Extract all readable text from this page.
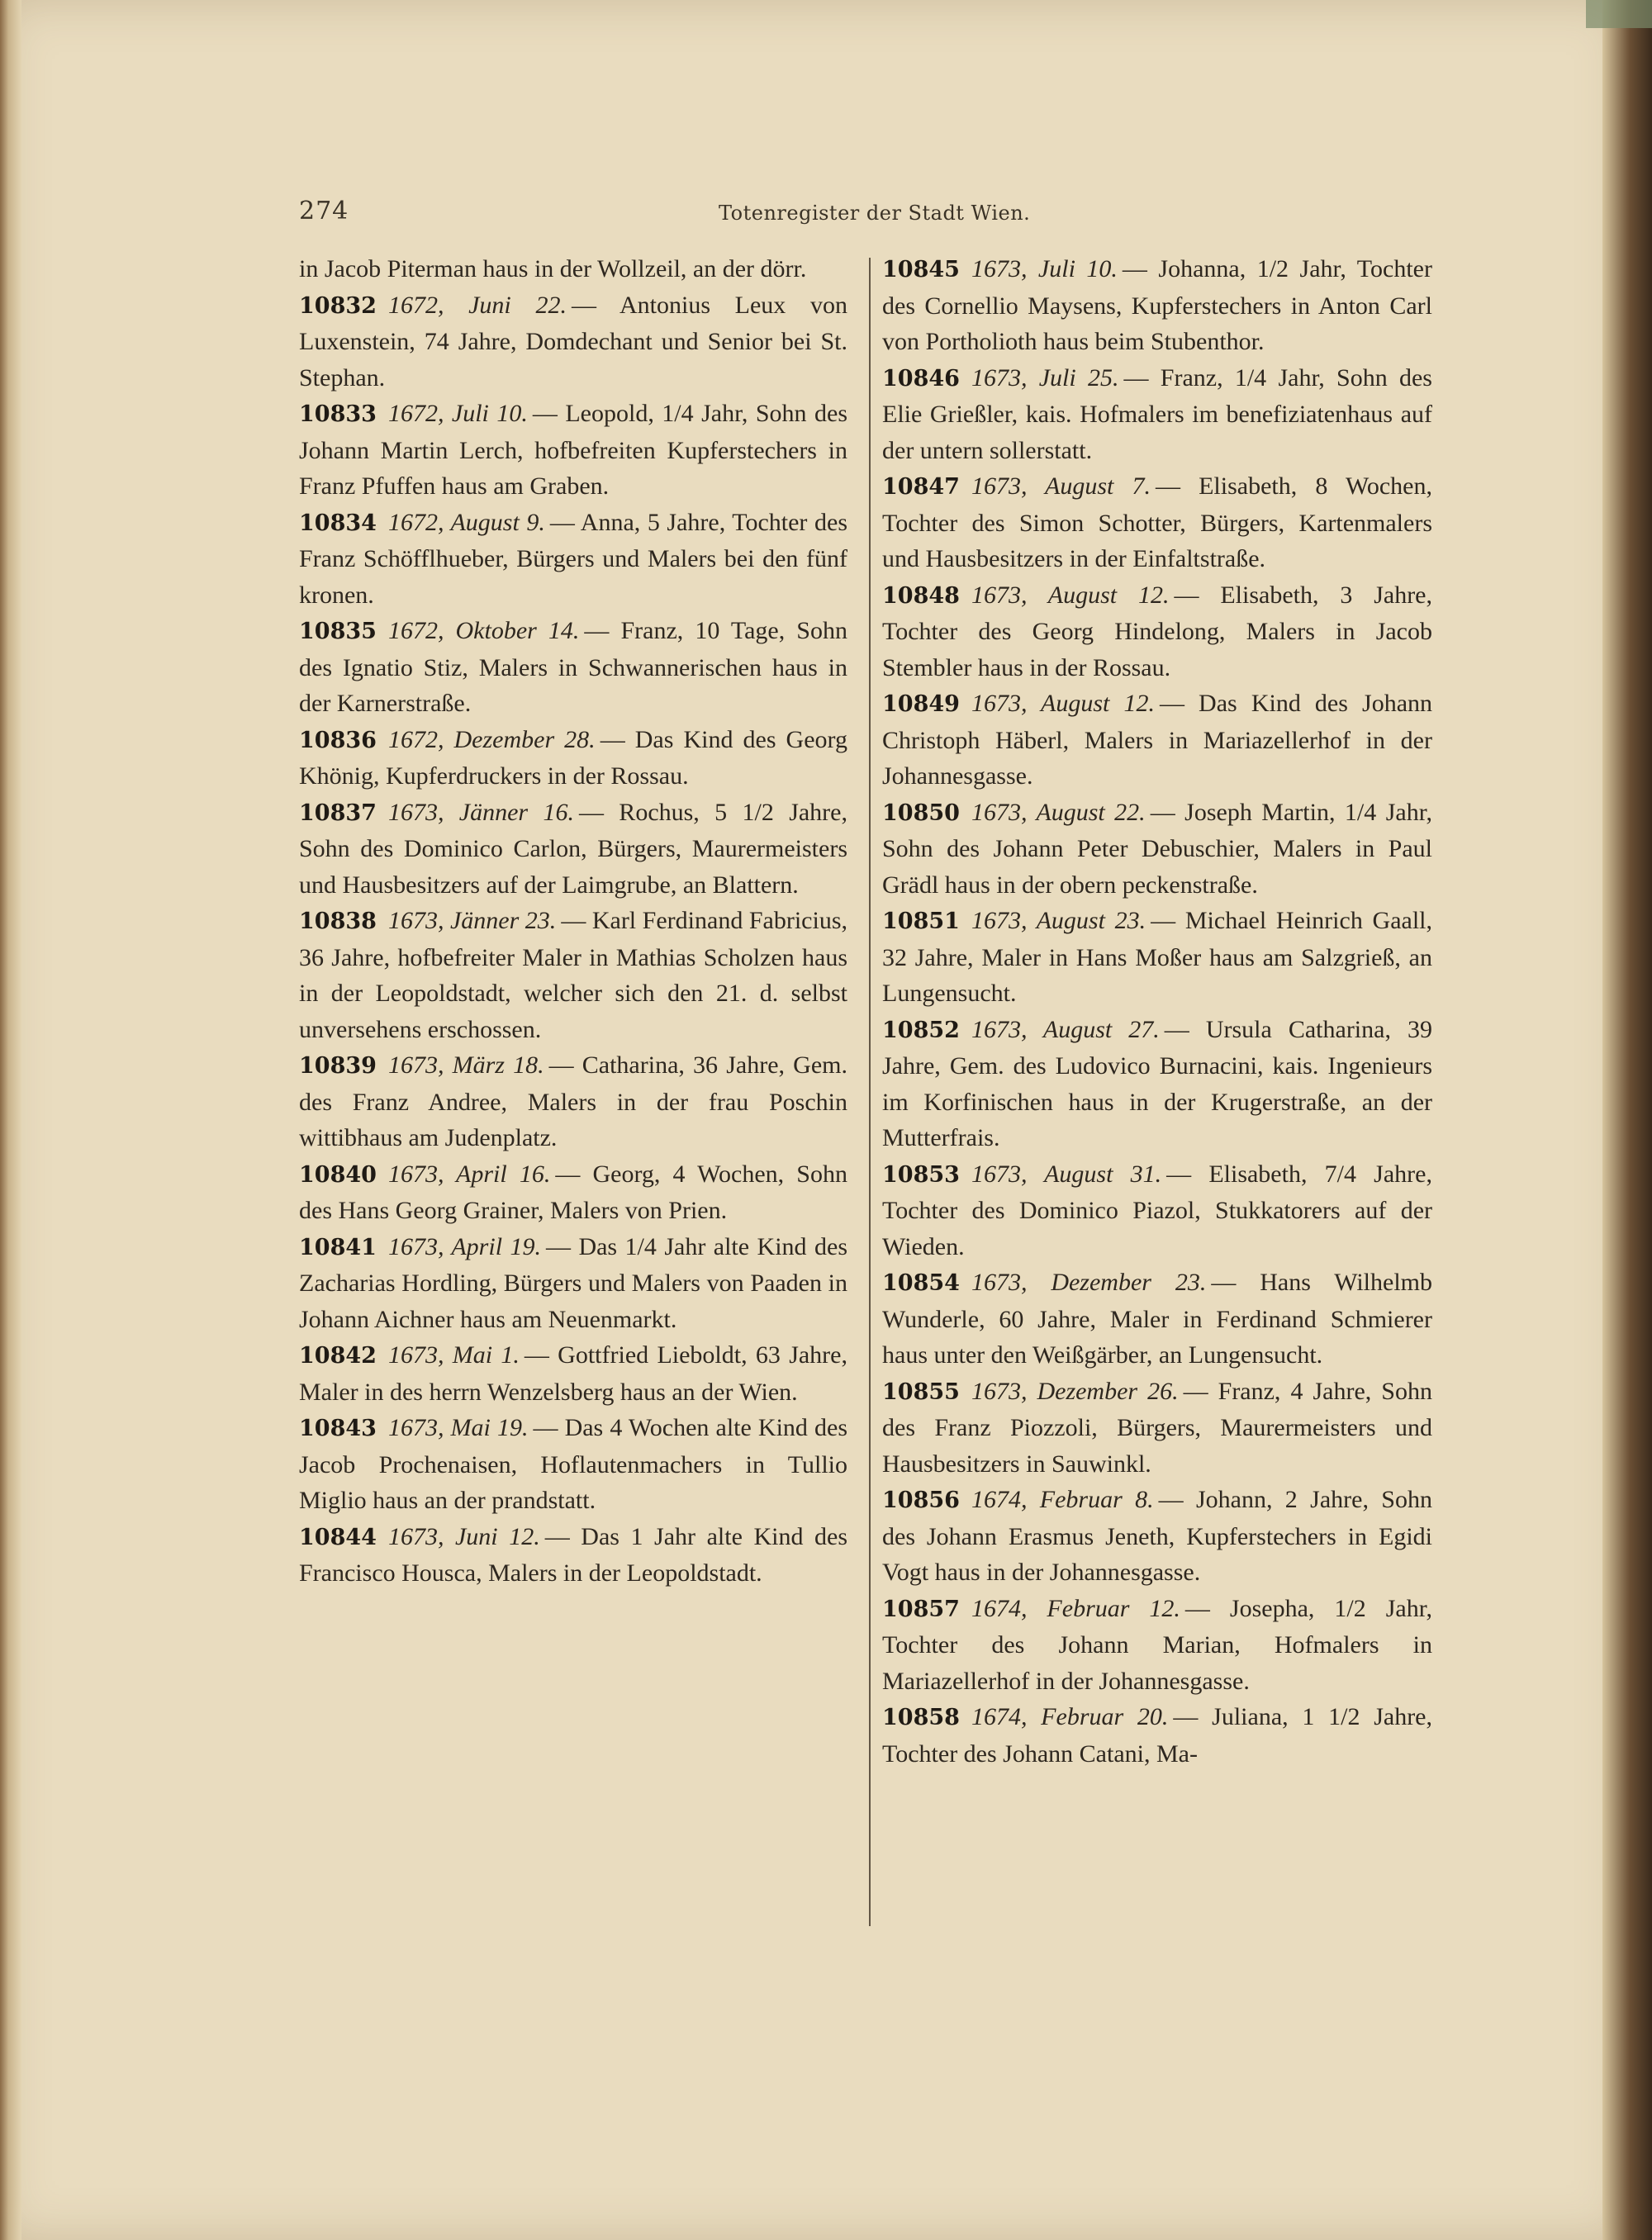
274	Totenregister der Stadt Wien.

in Jacob Piterman haus in der Wollzeil, an der dörr.

10832 1672, Juni 22. — Antonius Leux von Luxenstein, 74 Jahre, Domdechant und Senior bei St. Stephan.

10833 1672, Juli 10. — Leopold, 1/4 Jahr, Sohn des Johann Martin Lerch, hofbefreiten Kupferstechers in Franz Pfuffen haus am Graben.

10834 1672, August 9. — Anna, 5 Jahre, Tochter des Franz Schöfflhueber, Bürgers und Malers bei den fünf kronen.

10835 1672, Oktober 14. — Franz, 10 Tage, Sohn des Ignatio Stiz, Malers in Schwannerischen haus in der Karnerstraße.

10836 1672, Dezember 28. — Das Kind des Georg Khönig, Kupferdruckers in der Rossau.

10837 1673, Jänner 16. — Rochus, 5 1/2 Jahre, Sohn des Dominico Carlon, Bürgers, Maurermeisters und Hausbesitzers auf der Laimgrube, an Blattern.

10838 1673, Jänner 23. — Karl Ferdinand Fabricius, 36 Jahre, hofbefreiter Maler in Mathias Scholzen haus in der Leopoldstadt, welcher sich den 21. d. selbst unversehens erschossen.

10839 1673, März 18. — Catharina, 36 Jahre, Gem. des Franz Andree, Malers in der frau Poschin wittibhaus am Judenplatz.

10840 1673, April 16. — Georg, 4 Wochen, Sohn des Hans Georg Grainer, Malers von Prien.

10841 1673, April 19. — Das 1/4 Jahr alte Kind des Zacharias Hordling, Bürgers und Malers von Paaden in Johann Aichner haus am Neuenmarkt.

10842 1673, Mai 1. — Gottfried Lieboldt, 63 Jahre, Maler in des herrn Wenzelsberg haus an der Wien.

10843 1673, Mai 19. — Das 4 Wochen alte Kind des Jacob Prochenaisen, Hoflautenmachers in Tullio Miglio haus an der prandstatt.

10844 1673, Juni 12. — Das 1 Jahr alte Kind des Francisco Housca, Malers in der Leopoldstadt.

10845 1673, Juli 10. — Johanna, 1/2 Jahr, Tochter des Cornellio Maysens, Kupferstechers in Anton Carl von Portholioth haus beim Stubenthor.

10846 1673, Juli 25. — Franz, 1/4 Jahr, Sohn des Elie Grießler, kais. Hofmalers im benefiziatenhaus auf der untern sollerstatt.

10847 1673, August 7. — Elisabeth, 8 Wochen, Tochter des Simon Schotter, Bürgers, Kartenmalers und Hausbesitzers in der Einfaltstraße.

10848 1673, August 12. — Elisabeth, 3 Jahre, Tochter des Georg Hindelong, Malers in Jacob Stembler haus in der Rossau.

10849 1673, August 12. — Das Kind des Johann Christoph Häberl, Malers in Mariazellerhof in der Johannesgasse.

10850 1673, August 22. — Joseph Martin, 1/4 Jahr, Sohn des Johann Peter Debuschier, Malers in Paul Grädl haus in der obern peckenstraße.

10851 1673, August 23. — Michael Heinrich Gaall, 32 Jahre, Maler in Hans Moßer haus am Salzgrieß, an Lungensucht.

10852 1673, August 27. — Ursula Catharina, 39 Jahre, Gem. des Ludovico Burnacini, kais. Ingenieurs im Korfinischen haus in der Krugerstraße, an der Mutterfrais.

10853 1673, August 31. — Elisabeth, 7/4 Jahre, Tochter des Dominico Piazol, Stukkatorers auf der Wieden.

10854 1673, Dezember 23. — Hans Wilhelmb Wunderle, 60 Jahre, Maler in Ferdinand Schmierer haus unter den Weißgärber, an Lungensucht.

10855 1673, Dezember 26. — Franz, 4 Jahre, Sohn des Franz Piozzoli, Bürgers, Maurermeisters und Hausbesitzers in Sauwinkl.

10856 1674, Februar 8. — Johann, 2 Jahre, Sohn des Johann Erasmus Jeneth, Kupferstechers in Egidi Vogt haus in der Johannesgasse.

10857 1674, Februar 12. — Josepha, 1/2 Jahr, Tochter des Johann Marian, Hofmalers in Mariazellerhof in der Johannesgasse.

10858 1674, Februar 20. — Juliana, 1 1/2 Jahre, Tochter des Johann Catani, Ma-
